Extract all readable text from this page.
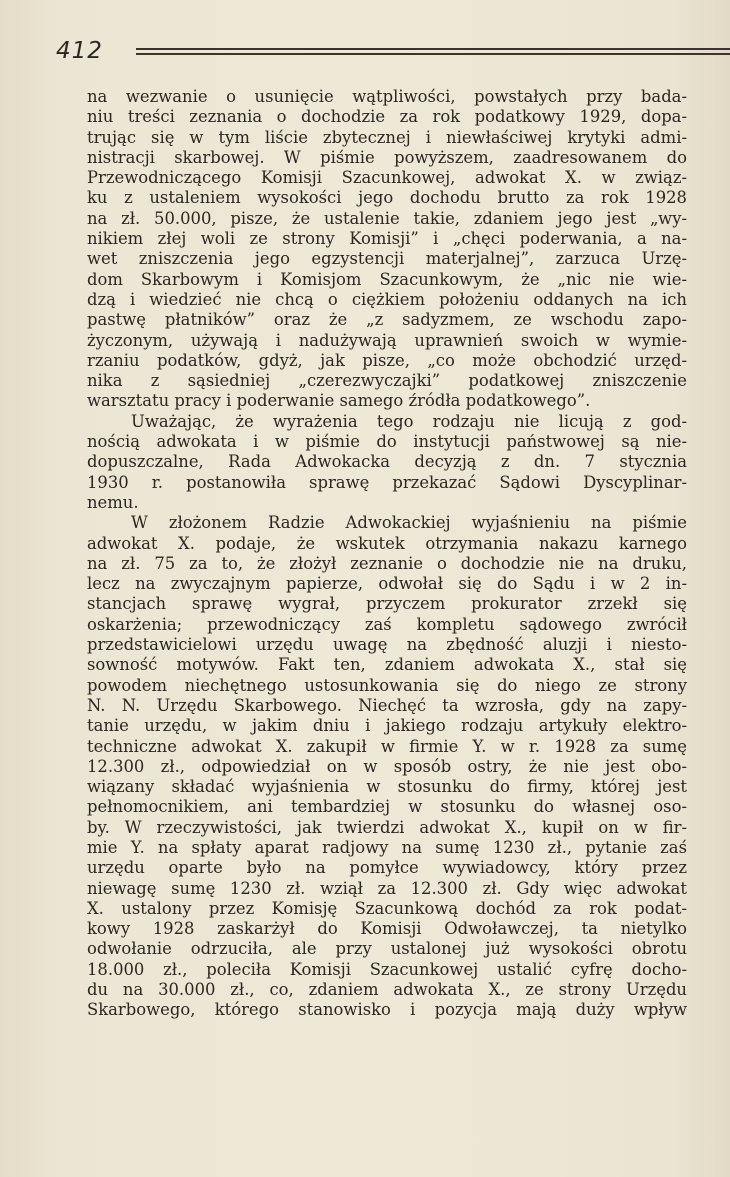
412
na wezwanie o usunięcie wątpliwości, powstałych przy bada-
niu treści zeznania o dochodzie za rok podatkowy 1929, dopa-
trując się w tym liście zbytecznej i niewłaściwej krytyki admi-
nistracji skarbowej. W piśmie powyższem, zaadresowanem do
Przewodniczącego Komisji Szacunkowej, adwokat X. w związ-
ku z ustaleniem wysokości jego dochodu brutto za rok 1928
na zł. 50.000, pisze, że ustalenie takie, zdaniem jego jest „wy-
nikiem złej woli ze strony Komisji” i „chęci poderwania, a na-
wet zniszczenia jego egzystencji materjalnej”, zarzuca Urzę-
dom Skarbowym i Komisjom Szacunkowym, że „nic nie wie-
dzą i wiedzieć nie chcą o ciężkiem położeniu oddanych na ich
pastwę płatników” oraz że „z sadyzmem, ze wschodu zapo-
życzonym, używają i nadużywają uprawnień swoich w wymie-
rzaniu podatków, gdyż, jak pisze, „co może obchodzić urzęd-
nika z sąsiedniej „czerezwyczajki” podatkowej zniszczenie
warsztatu pracy i poderwanie samego źródła podatkowego”.
Uważając, że wyrażenia tego rodzaju nie licują z god-
nością adwokata i w piśmie do instytucji państwowej są nie-
dopuszczalne, Rada Adwokacka decyzją z dn. 7 stycznia
1930 r. postanowiła sprawę przekazać Sądowi Dyscyplinar-
nemu.
W złożonem Radzie Adwokackiej wyjaśnieniu na piśmie
adwokat X. podaje, że wskutek otrzymania nakazu karnego
na zł. 75 za to, że złożył zeznanie o dochodzie nie na druku,
lecz na zwyczajnym papierze, odwołał się do Sądu i w 2 in-
stancjach sprawę wygrał, przyczem prokurator zrzekł się
oskarżenia; przewodniczący zaś kompletu sądowego zwrócił
przedstawicielowi urzędu uwagę na zbędność aluzji i niesto-
sowność motywów. Fakt ten, zdaniem adwokata X., stał się
powodem niechętnego ustosunkowania się do niego ze strony
N. N. Urzędu Skarbowego. Niechęć ta wzrosła, gdy na zapy-
tanie urzędu, w jakim dniu i jakiego rodzaju artykuły elektro-
techniczne adwokat X. zakupił w firmie Y. w r. 1928 za sumę
12.300 zł., odpowiedział on w sposób ostry, że nie jest obo-
wiązany składać wyjaśnienia w stosunku do firmy, której jest
pełnomocnikiem, ani tembardziej w stosunku do własnej oso-
by. W rzeczywistości, jak twierdzi adwokat X., kupił on w fir-
mie Y. na spłaty aparat radjowy na sumę 1230 zł., pytanie zaś
urzędu oparte było na pomyłce wywiadowcy, który przez
niewagę sumę 1230 zł. wziął za 12.300 zł. Gdy więc adwokat
X. ustalony przez Komisję Szacunkową dochód za rok podat-
kowy 1928 zaskarżył do Komisji Odwoławczej, ta nietylko
odwołanie odrzuciła, ale przy ustalonej już wysokości obrotu
18.000 zł., poleciła Komisji Szacunkowej ustalić cyfrę docho-
du na 30.000 zł., co, zdaniem adwokata X., ze strony Urzędu
Skarbowego, którego stanowisko i pozycja mają duży wpływ
